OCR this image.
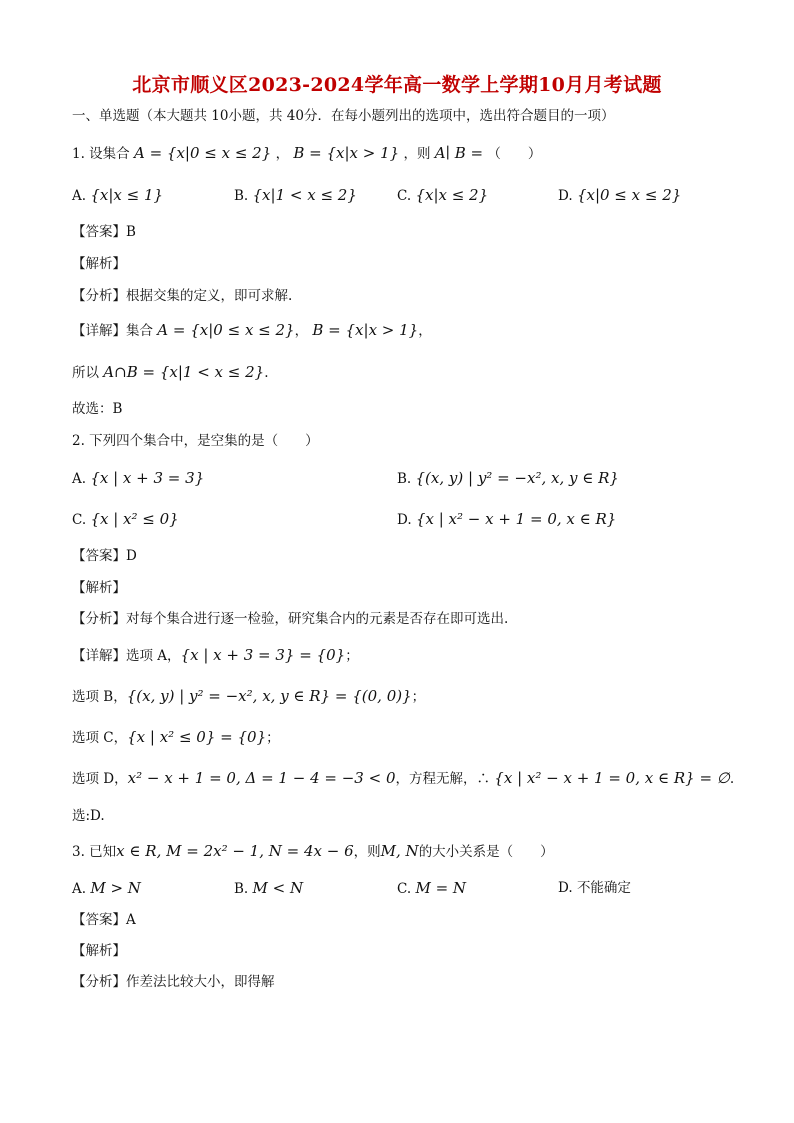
北京市顺义区2023-2024学年高一数学上学期10月月考试题
一、单选题（本大题共 10小题，共 40分．在每小题列出的选项中，选出符合题目的一项）
1. 设集合 A = {x|0 ≤ x ≤ 2} ， B = {x|x > 1} ，则 A∣ B = （　　）
A. {x|x ≤ 1}	B. {x|1 < x ≤ 2}	C. {x|x ≤ 2}	D. {x|0 ≤ x ≤ 2}
【答案】B
【解析】
【分析】根据交集的定义，即可求解.
【详解】集合 A = {x|0 ≤ x ≤ 2}， B = {x|x > 1}，
所以 A∩B = {x|1 < x ≤ 2}.
故选：B
2. 下列四个集合中，是空集的是（　　）
A. {x | x + 3 = 3}	B. {(x, y) | y² = −x², x, y ∈ R}
C. {x | x² ≤ 0}	D. {x | x² − x + 1 = 0, x ∈ R}
【答案】D
【解析】
【分析】对每个集合进行逐一检验，研究集合内的元素是否存在即可选出.
【详解】选项 A，{x | x + 3 = 3} = {0}；
选项 B，{(x, y) | y² = −x², x, y ∈ R} = {(0, 0)}；
选项 C，{x | x² ≤ 0} = {0}；
选项 D，x² − x + 1 = 0, Δ = 1 − 4 = −3 < 0，方程无解，∴ {x | x² − x + 1 = 0, x ∈ R} = ∅.
选:D.
3. 已知x ∈ R, M = 2x² − 1, N = 4x − 6，则M, N的大小关系是（　　）
A. M > N	B. M < N	C. M = N	D. 不能确定
【答案】A
【解析】
【分析】作差法比较大小，即得解
